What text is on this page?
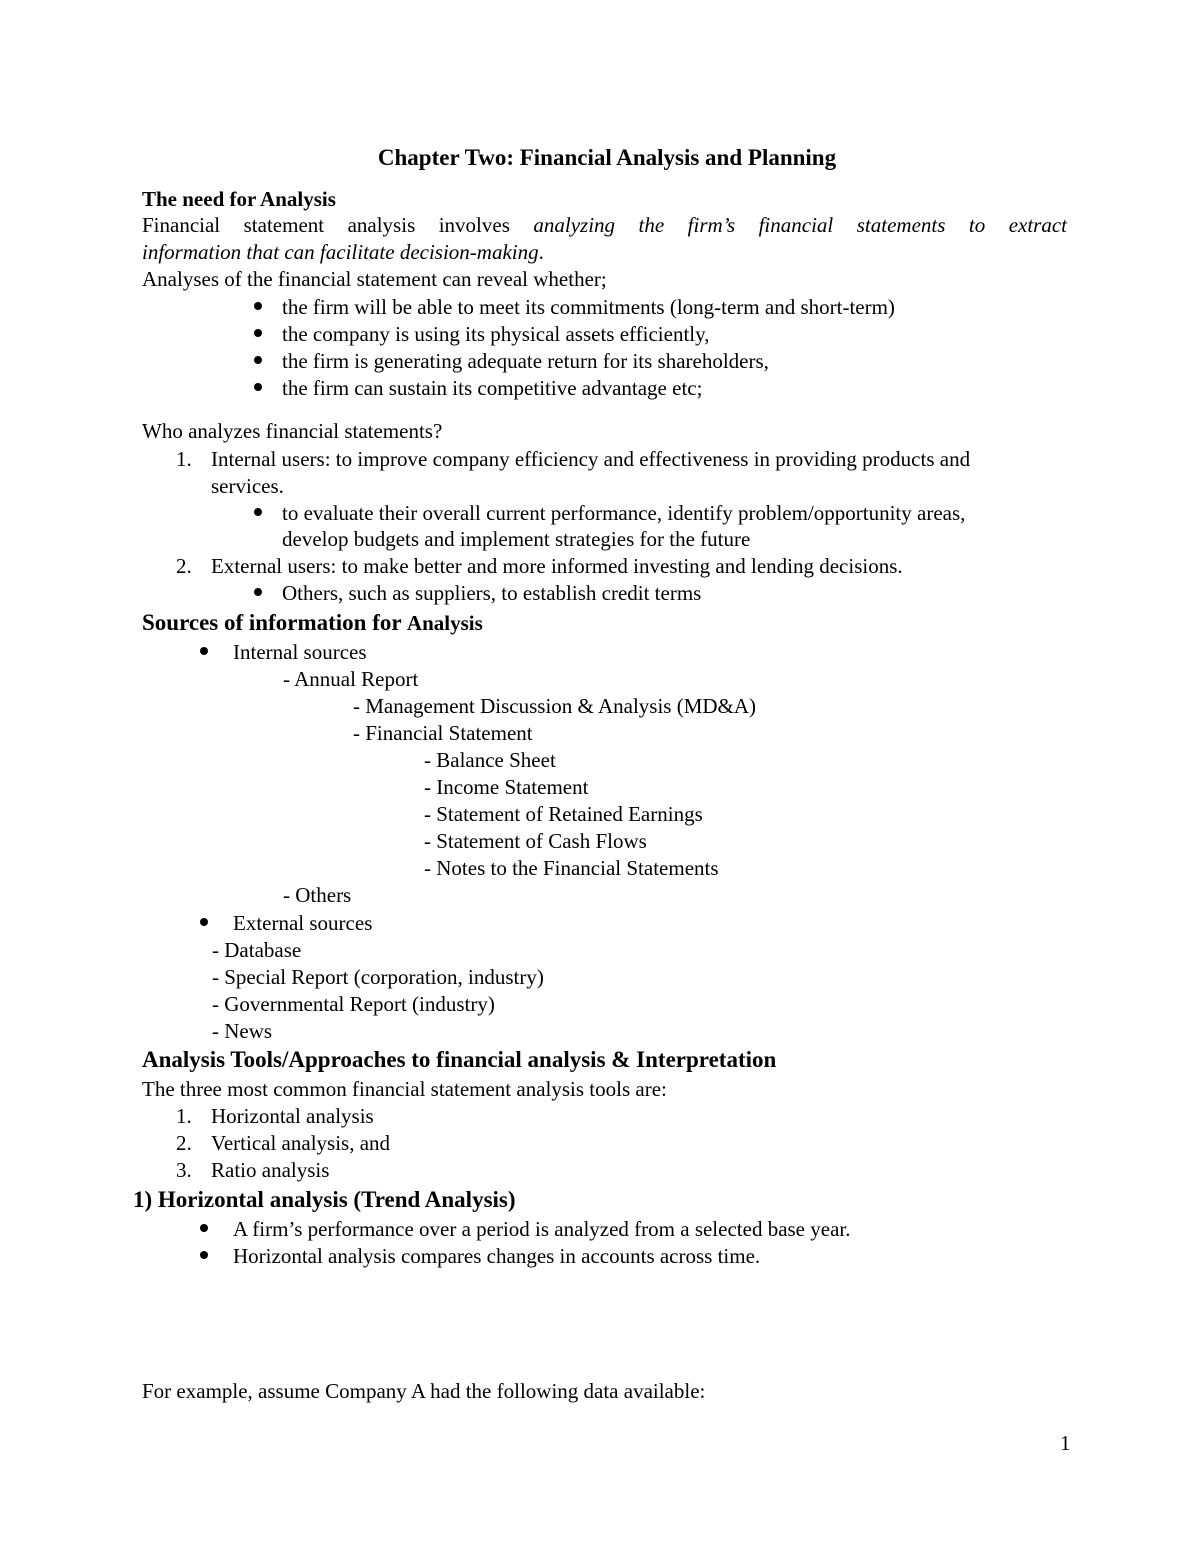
Chapter Two: Financial Analysis and Planning
The need for Analysis
Financial statement analysis involves analyzing the firm’s financial statements to extract
information that can facilitate decision-making.
Analyses of the financial statement can reveal whether;
the firm will be able to meet its commitments (long-term and short-term)
the company is using its physical assets efficiently,
the firm is generating adequate return for its shareholders,
the firm can sustain its competitive advantage etc;
Who analyzes financial statements?
1. Internal users: to improve company efficiency and effectiveness in providing products and
services.
to evaluate their overall current performance, identify problem/opportunity areas,
develop budgets and implement strategies for the future
2. External users: to make better and more informed investing and lending decisions.
Others, such as suppliers, to establish credit terms
Sources of information for Analysis
Internal sources
- Annual Report
- Management Discussion & Analysis (MD&A)
- Financial Statement
- Balance Sheet
- Income Statement
- Statement of Retained Earnings
- Statement of Cash Flows
- Notes to the Financial Statements
- Others
External sources
- Database
- Special Report (corporation, industry)
- Governmental Report (industry)
- News
Analysis Tools/Approaches to financial analysis & Interpretation
The three most common financial statement analysis tools are:
1. Horizontal analysis
2. Vertical analysis, and
3. Ratio analysis
1) Horizontal analysis (Trend Analysis)
A firm’s performance over a period is analyzed from a selected base year.
Horizontal analysis compares changes in accounts across time.
For example, assume Company A had the following data available:
1
